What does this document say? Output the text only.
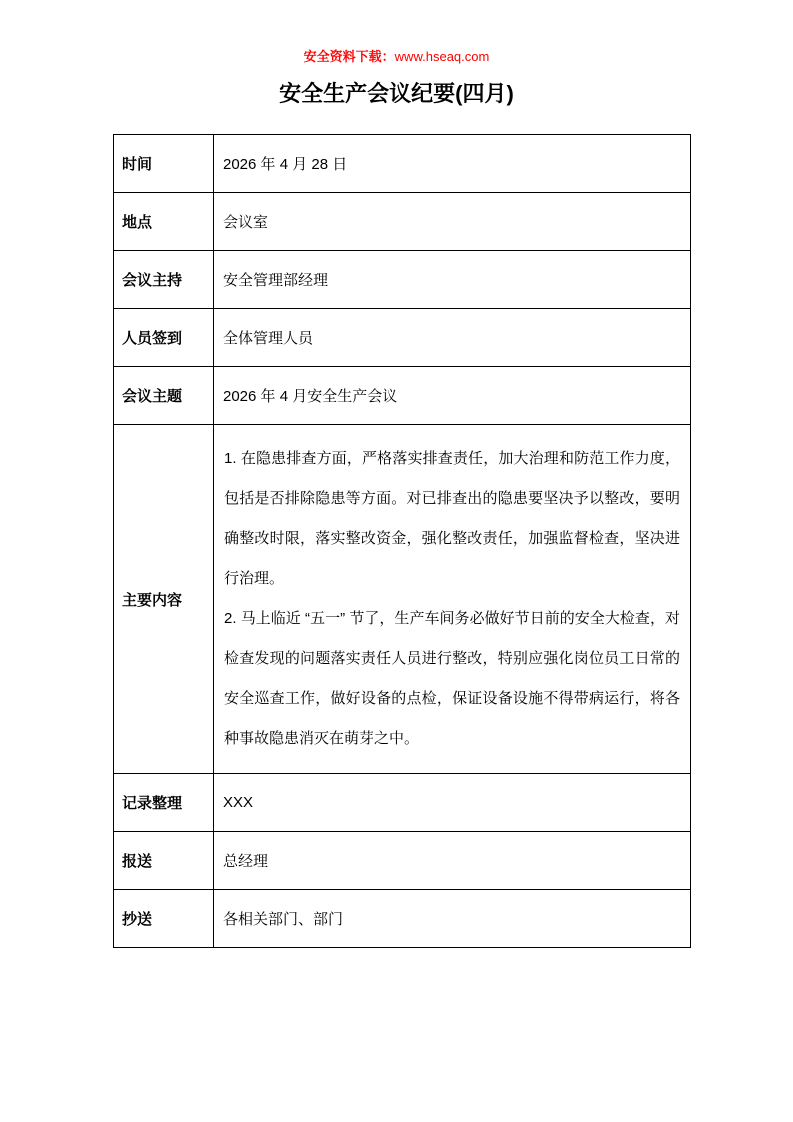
安全资料下载：www.hseaq.com
安全生产会议纪要(四月)
时间	2026 年 4 月 28 日
地点	会议室
会议主持	安全管理部经理
人员签到	全体管理人员
会议主题	2026 年 4 月安全生产会议
主要内容	1. 在隐患排查方面，严格落实排查责任，加大治理和防范工作力度，包括是否排除隐患等方面。对已排查出的隐患要坚决予以整改，要明确整改时限，落实整改资金，强化整改责任，加强监督检查，坚决进行治理。

2. 马上临近 “五一” 节了，生产车间务必做好节日前的安全大检查，对检查发现的问题落实责任人员进行整改，特别应强化岗位员工日常的安全巡查工作，做好设备的点检，保证设备设施不得带病运行，将各种事故隐患消灭在萌芽之中。

记录整理	XXX
报送	总经理
抄送	各相关部门、部门
